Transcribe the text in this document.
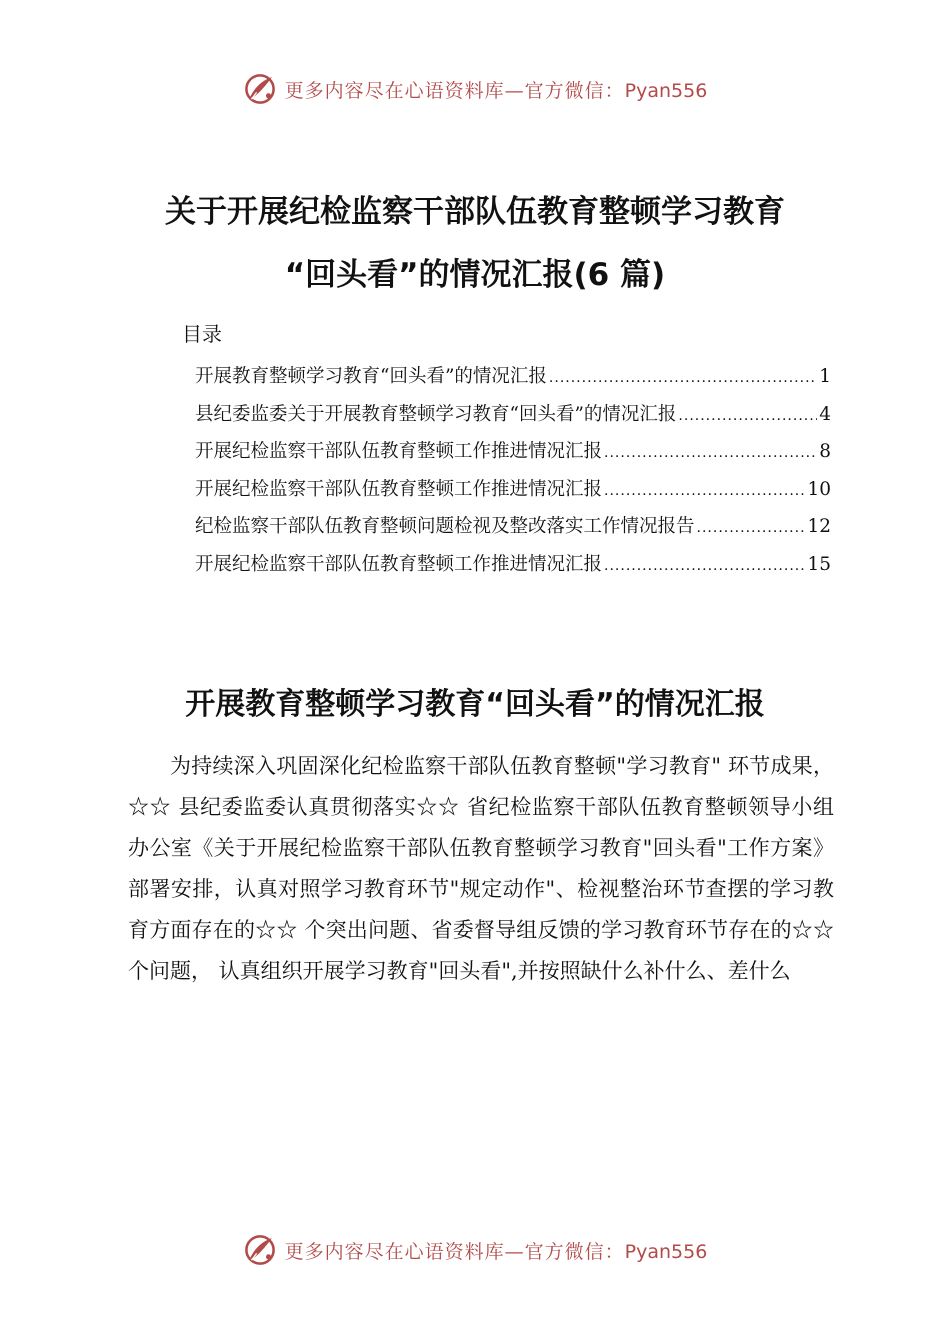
更多内容尽在心语资料库—官方微信：Pyan556
关于开展纪检监察干部队伍教育整顿学习教育
“回头看”的情况汇报(6 篇)
目录
开展教育整顿学习教育“回头看”的情况汇报 .....	1
县纪委监委关于开展教育整顿学习教育“回头看”的情况汇报 .....	4
开展纪检监察干部队伍教育整顿工作推进情况汇报 .....	8
开展纪检监察干部队伍教育整顿工作推进情况汇报 .....	10
纪检监察干部队伍教育整顿问题检视及整改落实工作情况报告 .....	12
开展纪检监察干部队伍教育整顿工作推进情况汇报 .....	15
开展教育整顿学习教育“回头看”的情况汇报

为持续深入巩固深化纪检监察干部队伍教育整顿"学习教育" 环节成果，☆☆ 县纪委监委认真贯彻落实☆☆ 省纪检监察干部队伍教育整顿领导小组办公室《关于开展纪检监察干部队伍教育整顿学习教育"回头看"工作方案》部署安排，认真对照学习教育环节"规定动作"、检视整治环节查摆的学习教育方面存在的☆☆ 个突出问题、省委督导组反馈的学习教育环节存在的☆☆ 个问题， 认真组织开展学习教育"回头看",并按照缺什么补什么、差什么

更多内容尽在心语资料库—官方微信：Pyan556
